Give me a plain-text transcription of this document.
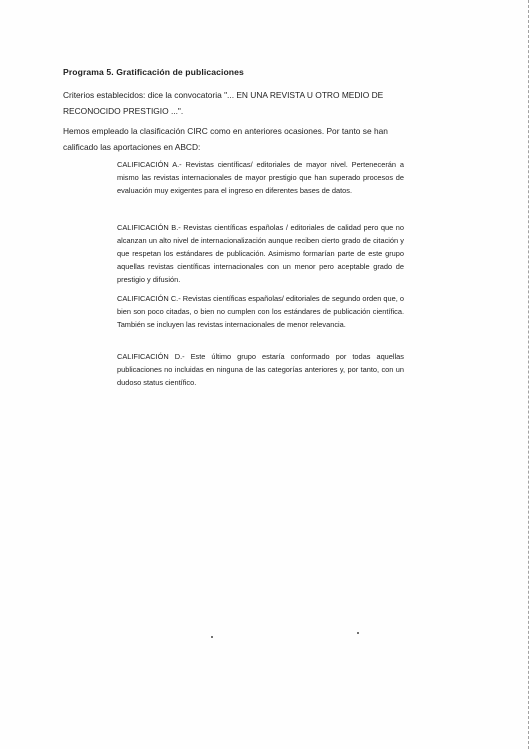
Programa 5. Gratificación de publicaciones

Criterios establecidos: dice la convocatoria "... EN UNA REVISTA U OTRO MEDIO DE RECONOCIDO PRESTIGIO ...".

Hemos empleado la clasificación CIRC como en anteriores ocasiones. Por tanto se han calificado las aportaciones en ABCD:

CALIFICACIÓN A.- Revistas científicas/ editoriales de mayor nivel. Pertenecerán a mismo las revistas internacionales de mayor prestigio que han superado procesos de evaluación muy exigentes para el ingreso en diferentes bases de datos.

CALIFICACIÓN B.- Revistas científicas españolas / editoriales de calidad pero que no alcanzan un alto nivel de internacionalización aunque reciben cierto grado de citación y que respetan los estándares de publicación. Asimismo formarían parte de este grupo aquellas revistas científicas internacionales con un menor pero aceptable grado de prestigio y difusión.

CALIFICACIÓN C.- Revistas científicas españolas/ editoriales de segundo orden que, o bien son poco citadas, o bien no cumplen con los estándares de publicación científica. También se incluyen las revistas internacionales de menor relevancia.

CALIFICACIÓN D.- Este último grupo estaría conformado por todas aquellas publicaciones no incluidas en ninguna de las categorías anteriores y, por tanto, con un dudoso status científico.
